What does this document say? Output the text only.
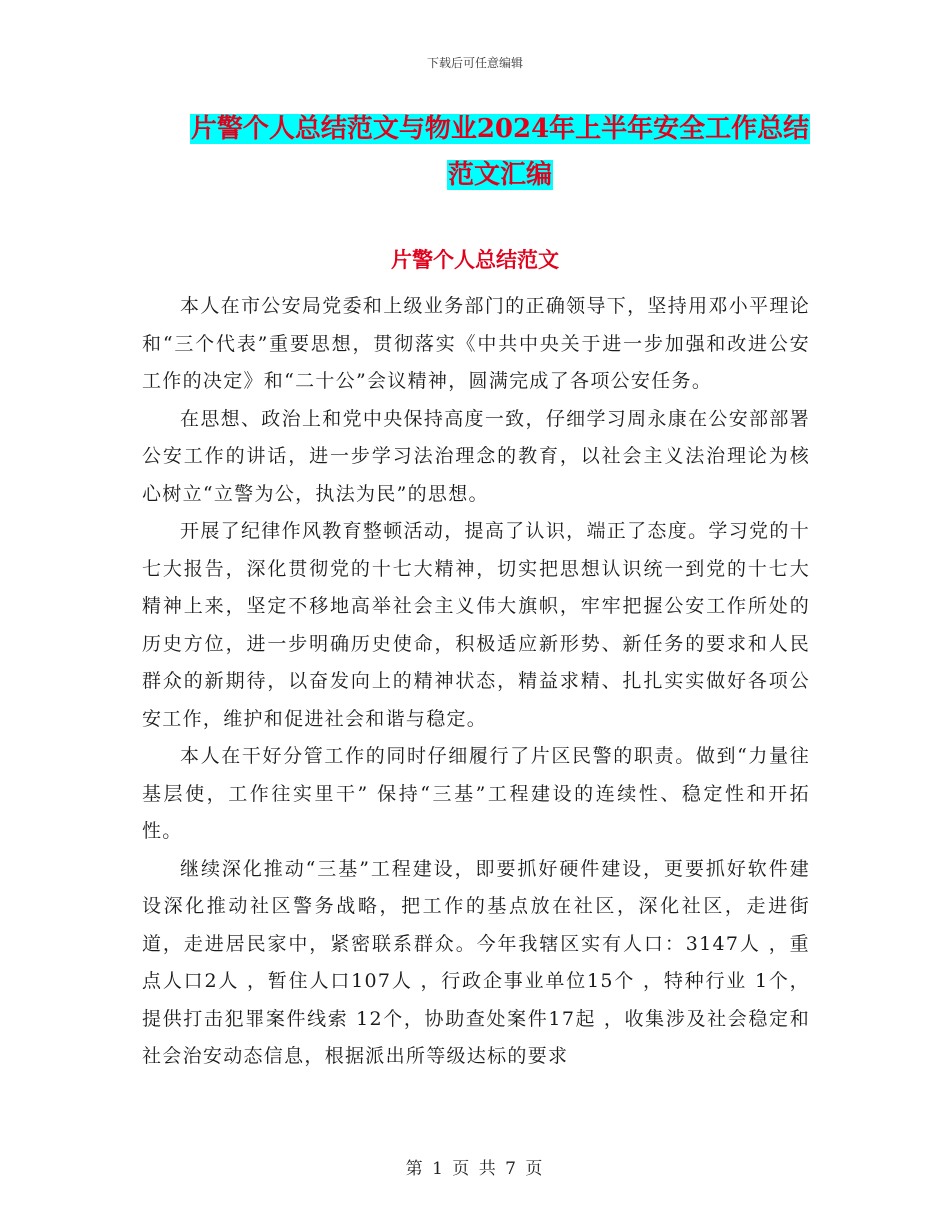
下载后可任意编辑
片警个人总结范文与物业2024年上半年安全工作总结
范文汇编
片警个人总结范文

本人在市公安局党委和上级业务部门的正确领导下，坚持用邓小平理论和“三个代表”重要思想，贯彻落实《中共中央关于进一步加强和改进公安工作的决定》和“二十公”会议精神，圆满完成了各项公安任务。

在思想、政治上和党中央保持高度一致，仔细学习周永康在公安部部署公安工作的讲话，进一步学习法治理念的教育，以社会主义法治理论为核心树立“立警为公，执法为民”的思想。

开展了纪律作风教育整顿活动，提高了认识，端正了态度。学习党的十七大报告，深化贯彻党的十七大精神，切实把思想认识统一到党的十七大精神上来，坚定不移地高举社会主义伟大旗帜，牢牢把握公安工作所处的历史方位，进一步明确历史使命，积极适应新形势、新任务的要求和人民群众的新期待，以奋发向上的精神状态，精益求精、扎扎实实做好各项公安工作，维护和促进社会和谐与稳定。

本人在干好分管工作的同时仔细履行了片区民警的职责。做到“力量往基层使，工作往实里干” 保持“三基”工程建设的连续性、稳定性和开拓性。

继续深化推动“三基”工程建设，即要抓好硬件建设，更要抓好软件建设深化推动社区警务战略，把工作的基点放在社区，深化社区，走进街道，走进居民家中，紧密联系群众。今年我辖区实有人口：3147人 ，重点人口2人 ，暂住人口107人 ，行政企事业单位15个 ，特种行业 1个，提供打击犯罪案件线索 12个，协助查处案件17起 ，收集涉及社会稳定和社会治安动态信息，根据派出所等级达标的要求

第 1 页 共 7 页
